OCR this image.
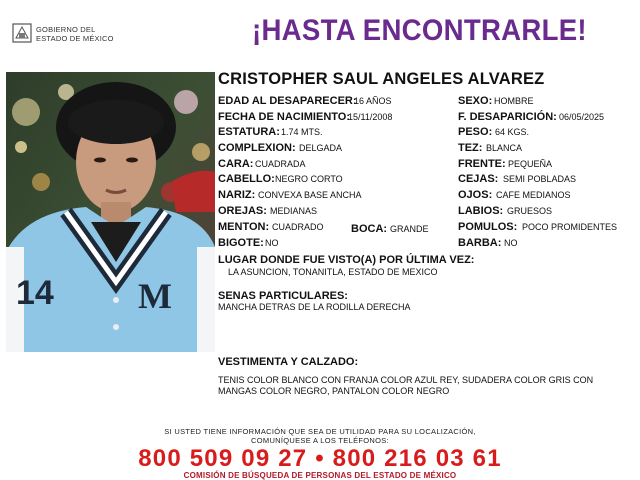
GOBIERNO DEL
ESTADO DE MÉXICO	¡HASTA ENCONTRARLE!
14 M
CRISTOPHER SAUL ANGELES ALVAREZ
EDAD AL DESAPARECER:
16 AÑOS
FECHA DE NACIMIENTO:
15/11/2008
ESTATURA: 1.74 MTS.
COMPLEXION: DELGADA
CARA: CUADRADA
CABELLO: NEGRO CORTO
NARIZ: CONVEXA BASE ANCHA
OREJAS: MEDIANAS
MENTON: CUADRADO BOCA: GRANDE
BIGOTE: NO
SEXO: HOMBRE
F. DESAPARICIÓN: 06/05/2025
PESO: 64 KGS.
TEZ: BLANCA
FRENTE: PEQUEÑA
CEJAS: SEMI POBLADAS
OJOS: CAFE MEDIANOS
LABIOS: GRUESOS
POMULOS: POCO PROMIDENTES
BARBA: NO
LUGAR DONDE FUE VISTO(A) POR ÚLTIMA VEZ:
LA ASUNCION, TONANITLA, ESTADO DE MEXICO
SENAS PARTICULARES:
MANCHA DETRAS DE LA RODILLA DERECHA
VESTIMENTA Y CALZADO:
TENIS COLOR BLANCO CON FRANJA COLOR AZUL REY, SUDADERA COLOR GRIS CON
MANGAS COLOR NEGRO, PANTALON COLOR NEGRO
SI USTED TIENE INFORMACIÓN QUE SEA DE UTILIDAD PARA SU LOCALIZACIÓN,
COMUNÍQUESE A LOS TELÉFONOS:
800 509 09 27 • 800 216 03 61
COMISIÓN DE BÚSQUEDA DE PERSONAS DEL ESTADO DE MÉXICO
